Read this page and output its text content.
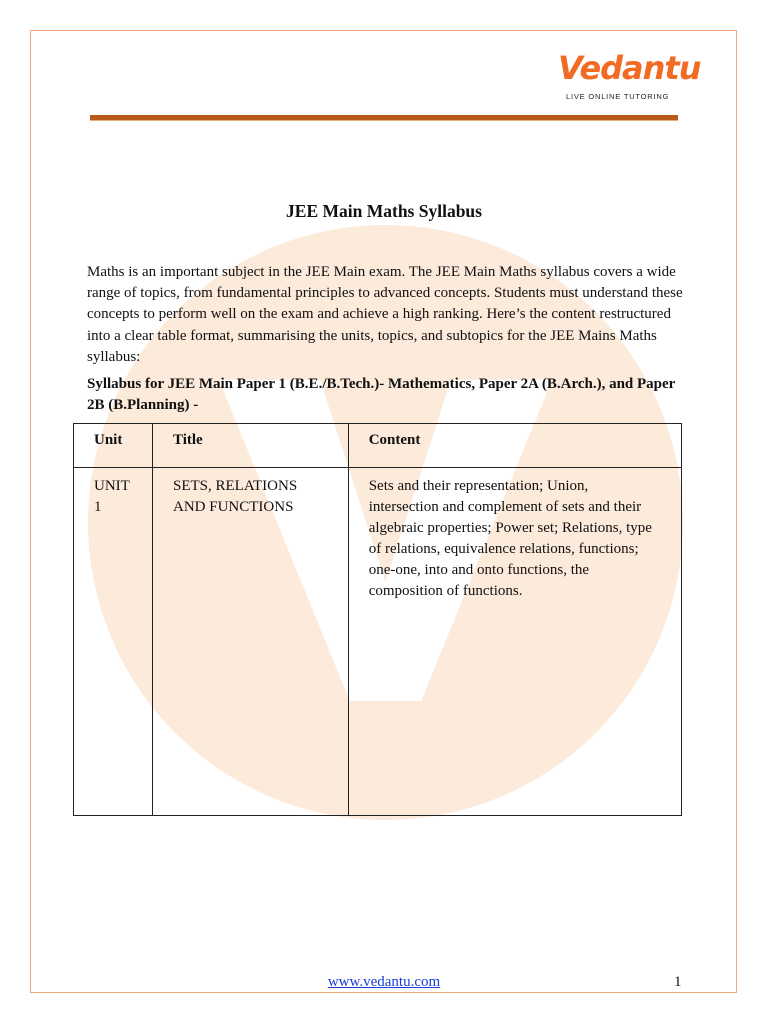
Vedantu
LIVE ONLINE TUTORING
JEE Main Maths Syllabus
Maths is an important subject in the JEE Main exam. The JEE Main Maths syllabus covers a wide range of topics, from fundamental principles to advanced concepts. Students must understand these concepts to perform well on the exam and achieve a high ranking. Here’s the content restructured into a clear table format, summarising the units, topics, and subtopics for the JEE Mains Maths syllabus:
Syllabus for JEE Main Paper 1 (B.E./B.Tech.)- Mathematics, Paper 2A (B.Arch.), and Paper 2B (B.Planning) -
Unit	Title	Content
UNIT 1	SETS, RELATIONS AND FUNCTIONS	Sets and their representation; Union, intersection and complement of sets and their algebraic properties; Power set; Relations, type of relations, equivalence relations, functions; one-one, into and onto functions, the composition of functions.
www.vedantu.com	1
